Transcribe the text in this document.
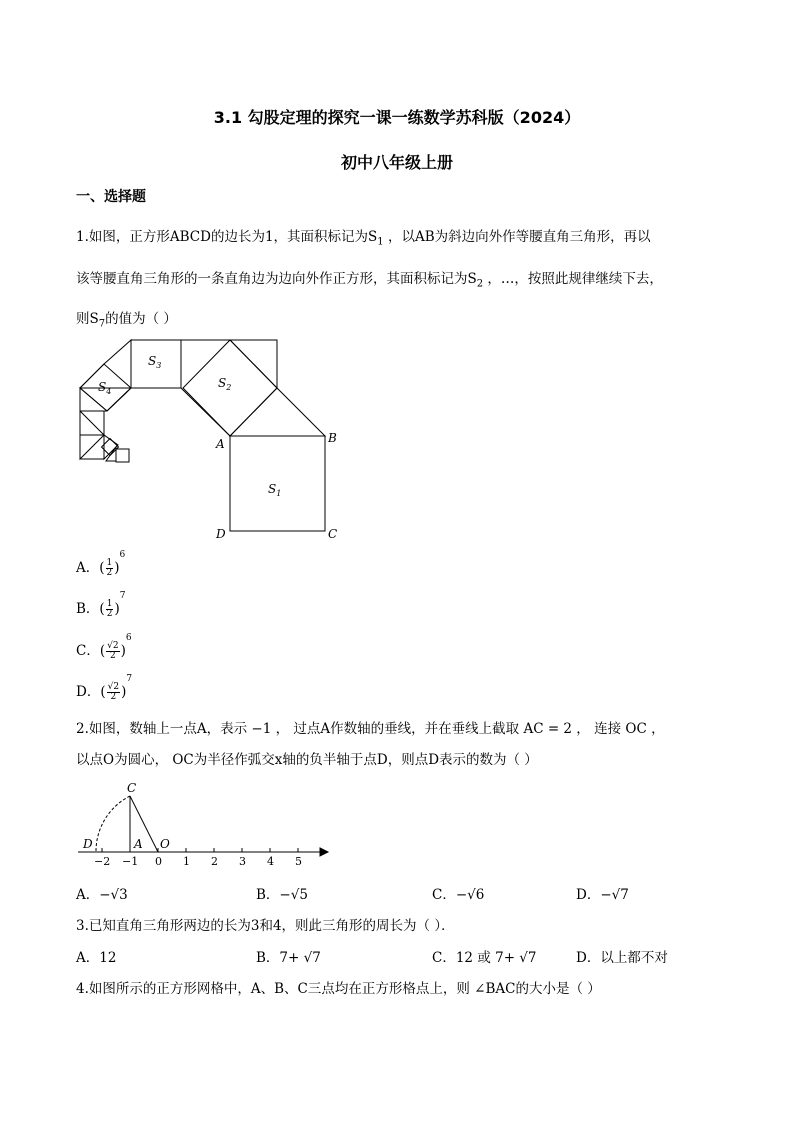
3.1 勾股定理的探究一课一练数学苏科版（2024）
初中八年级上册
一、选择题
1.如图，正方形ABCD的边长为1，其面积标记为$S_1$ ，以AB为斜边向外作等腰直角三角形，再以
该等腰直角三角形的一条直角边为边向外作正方形，其面积标记为$S_2$ ，…，按照此规律继续下去，
则$S_7$的值为（ ）
$S_1$
$S_2$
$S_3$
$S_4$
A	B
C
D
A．( $\frac{1}{2} )^6$
B．( $\frac{1}{2} )^7$
C．( $\frac{√2}{2} )^6$
D．( $\frac{√2}{2} )^7$
2.如图，数轴上一点A，表示 −1 ， 过点A作数轴的垂线，并在垂线上截取 AC = 2 ， 连接 OC ，
以点O为圆心， OC为半径作弧交x轴的负半轴于点D，则点D表示的数为（ ）
C
D	A O
−2 −1 0 1 2 3 4 5
A．−√3	B．−√5	C．−√6	D．−√7
3.已知直角三角形两边的长为3和4，则此三角形的周长为（ ）．
A．12	B．7+ √7	C．12 或 7+ √7	D．以上都不对
4.如图所示的正方形网格中，A、B、C三点均在正方形格点上，则 ∠BAC的大小是（ ）
